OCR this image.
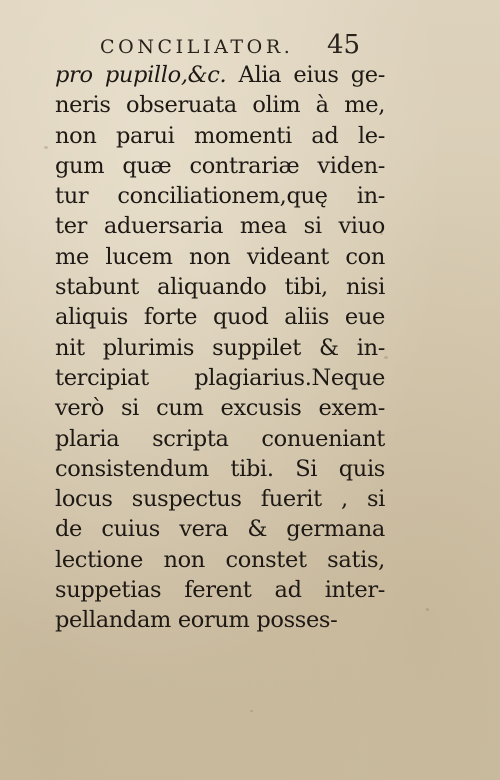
CONCILIATOR. 45
pro pupillo,&c. Alia eius ge-
neris obseruata olim à me,
non parui momenti ad le-
gum quæ contrariæ viden-
tur conciliationem,quę in-
ter aduersaria mea si viuo
me lucem non videant con
stabunt aliquando tibi, nisi
aliquis forte quod aliis eue
nit plurimis suppilet & in-
tercipiat plagiarius.Neque
verò si cum excusis exem-
plaria scripta conueniant
consistendum tibi. Si quis
locus suspectus fuerit , si
de cuius vera & germana
lectione non constet satis,
suppetias ferent ad inter-
pellandam eorum posses-
